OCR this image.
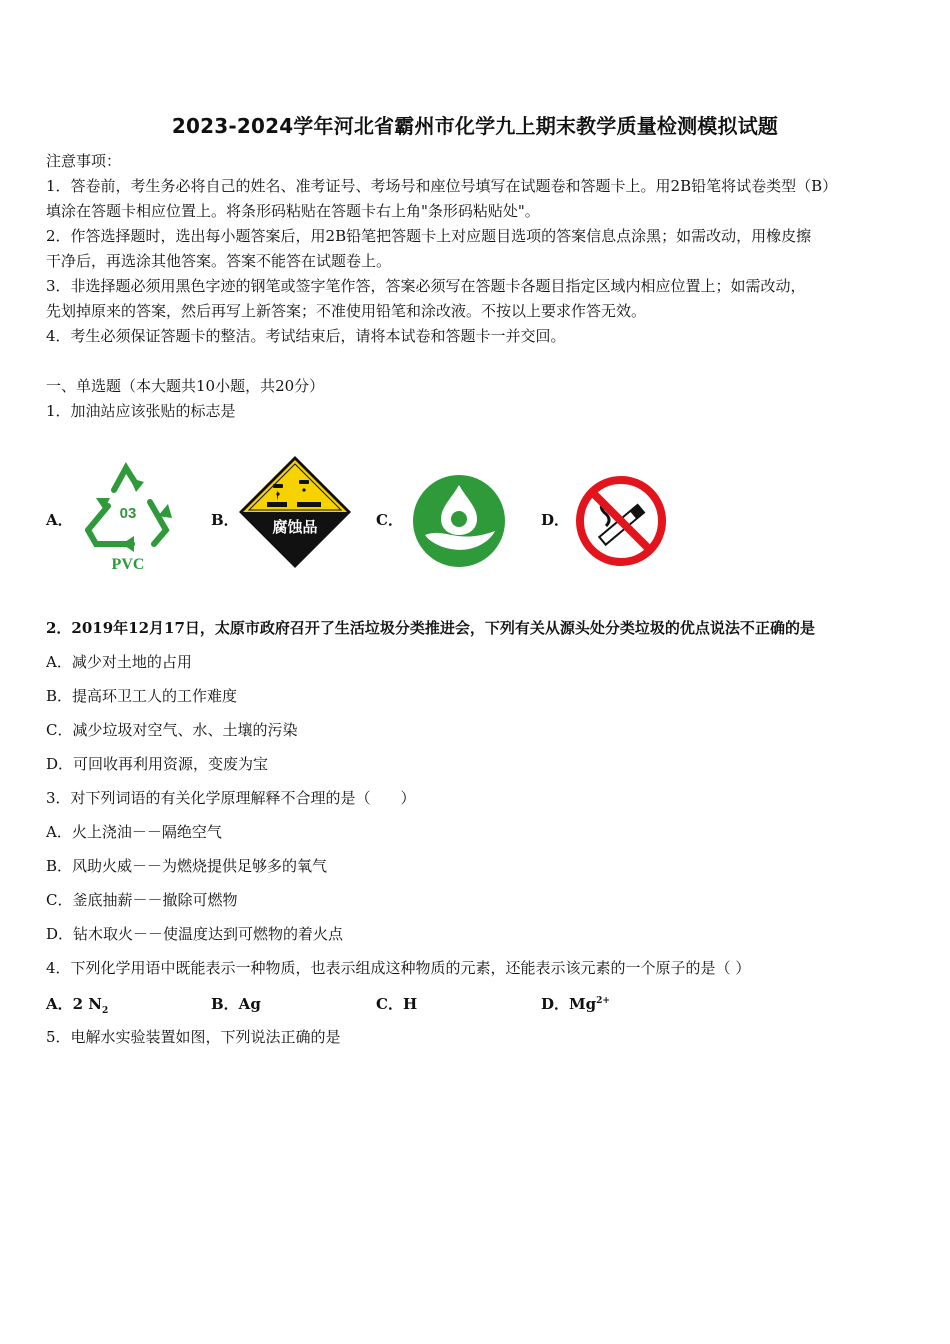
2023-2024学年河北省霸州市化学九上期末教学质量检测模拟试题
注意事项：
1．答卷前，考生务必将自己的姓名、准考证号、考场号和座位号填写在试题卷和答题卡上。用2B铅笔将试卷类型（B）
填涂在答题卡相应位置上。将条形码粘贴在答题卡右上角"条形码粘贴处"。
2．作答选择题时，选出每小题答案后，用2B铅笔把答题卡上对应题目选项的答案信息点涂黑；如需改动，用橡皮擦
干净后，再选涂其他答案。答案不能答在试题卷上。
3．非选择题必须用黑色字迹的钢笔或签字笔作答，答案必须写在答题卡各题目指定区域内相应位置上；如需改动，
先划掉原来的答案，然后再写上新答案；不准使用铅笔和涂改液。不按以上要求作答无效。
4．考生必须保证答题卡的整洁。考试结束后，请将本试卷和答题卡一并交回。
一、单选题（本大题共10小题，共20分）
1．加油站应该张贴的标志是
A．	B．	C．	D．
03
PVC
腐蚀品
2．2019年12月17日，太原市政府召开了生活垃圾分类推进会，下列有关从源头处分类垃圾的优点说法不正确的是
A．减少对土地的占用
B．提高环卫工人的工作难度
C．减少垃圾对空气、水、土壤的污染
D．可回收再利用资源，变废为宝
3．对下列词语的有关化学原理解释不合理的是（　　）
A．火上浇油－－隔绝空气
B．风助火威－－为燃烧提供足够多的氧气
C．釜底抽薪－－撤除可燃物
D．钻木取火－－使温度达到可燃物的着火点
4．下列化学用语中既能表示一种物质，也表示组成这种物质的元素，还能表示该元素的一个原子的是（ ）
A．2 $N_2$	B．Ag	C．H	D．$Mg^{2+}$
5．电解水实验装置如图，下列说法正确的是
